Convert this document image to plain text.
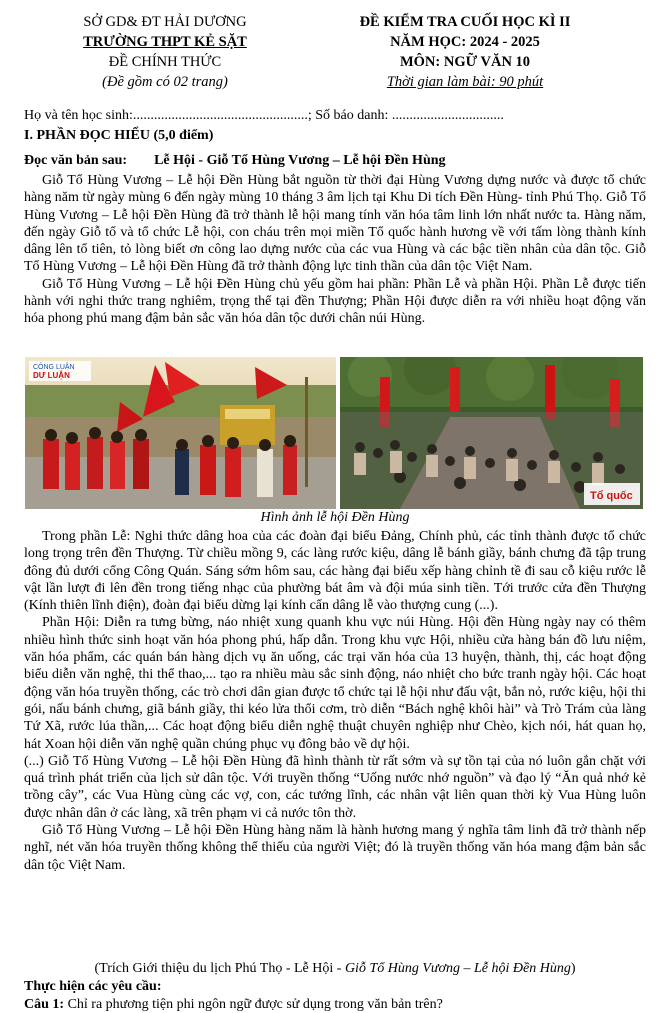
SỞ GD& ĐT HẢI DƯƠNG
TRƯỜNG THPT KẺ SẶT
ĐỀ CHÍNH THỨC
(Đề gồm có 02 trang)
ĐỀ KIỂM TRA CUỐI HỌC KÌ II
NĂM HỌC: 2024 - 2025
MÔN: NGỮ VĂN 10
Thời gian làm bài: 90 phút
Họ và tên học sinh:..................................................; Số báo danh: ................................
I. PHẦN ĐỌC HIỂU (5,0 điểm)
Đọc văn bản sau: Lễ Hội - Giỗ Tổ Hùng Vương – Lễ hội Đền Hùng

Giỗ Tổ Hùng Vương – Lễ hội Đền Hùng bắt nguồn từ thời đại Hùng Vương dựng nước và được tổ chức hàng năm từ ngày mùng 6 đến ngày mùng 10 tháng 3 âm lịch tại Khu Di tích Đền Hùng- tỉnh Phú Thọ. Giỗ Tổ Hùng Vương – Lễ hội Đền Hùng đã trở thành lễ hội mang tính văn hóa tâm linh lớn nhất nước ta. Hàng năm, đến ngày Giỗ tổ và tổ chức Lễ hội, con cháu trên mọi miền Tổ quốc hành hương về với tấm lòng thành kính dâng lên tổ tiên, tỏ lòng biết ơn công lao dựng nước của các vua Hùng và các bậc tiền nhân của dân tộc. Giỗ Tổ Hùng Vương – Lễ hội Đền Hùng đã trở thành động lực tinh thần của dân tộc Việt Nam.

Giỗ Tổ Hùng Vương – Lễ hội Đền Hùng chủ yếu gồm hai phần: Phần Lễ và phần Hội. Phần Lễ được tiến hành với nghi thức trang nghiêm, trọng thể tại đền Thượng; Phần Hội được diễn ra với nhiều hoạt động văn hóa phong phú mang đậm bản sắc văn hóa dân tộc dưới chân núi Hùng.

CÔNG LUẬN
DƯ LUẬN
Tổ quốc
Hình ảnh lễ hội Đền Hùng

Trong phần Lễ: Nghi thức dâng hoa của các đoàn đại biểu Đảng, Chính phủ, các tỉnh thành được tổ chức long trọng trên đền Thượng. Từ chiều mồng 9, các làng rước kiệu, dâng lễ bánh giầy, bánh chưng đã tập trung đông đủ dưới cổng Công Quán. Sáng sớm hôm sau, các hàng đại biểu xếp hàng chỉnh tề đi sau cỗ kiệu rước lễ vật lần lượt đi lên đền trong tiếng nhạc của phường bát âm và đội múa sinh tiền. Tới trước cửa đền Thượng (Kính thiên lĩnh điện), đoàn đại biểu dừng lại kính cẩn dâng lễ vào thượng cung (...).

Phần Hội: Diễn ra tưng bừng, náo nhiệt xung quanh khu vực núi Hùng. Hội đền Hùng ngày nay có thêm nhiều hình thức sinh hoạt văn hóa phong phú, hấp dẫn. Trong khu vực Hội, nhiều cửa hàng bán đồ lưu niệm, văn hóa phẩm, các quán bán hàng dịch vụ ăn uống, các trại văn hóa của 13 huyện, thành, thị, các hoạt động biểu diễn văn nghệ, thi thể thao,... tạo ra nhiều màu sắc sinh động, náo nhiệt cho bức tranh ngày hội. Các hoạt động văn hóa truyền thống, các trò chơi dân gian được tổ chức tại lễ hội như đấu vật, bắn nỏ, rước kiệu, hội thi gói, nấu bánh chưng, giã bánh giầy, thi kéo lửa thổi cơm, trò diễn “Bách nghệ khôi hài” và Trò Trám của làng Tứ Xã, rước lúa thần,... Các hoạt động biểu diễn nghệ thuật chuyên nghiệp như Chèo, kịch nói, hát quan họ, hát Xoan hội diễn văn nghệ quần chúng phục vụ đông bảo về dự hội.

(...) Giỗ Tổ Hùng Vương – Lễ hội Đền Hùng đã hình thành từ rất sớm và sự tồn tại của nó luôn gắn chặt với quá trình phát triển của lịch sử dân tộc. Với truyền thống “Uống nước nhớ nguồn” và đạo lý “Ăn quả nhớ kẻ trồng cây”, các Vua Hùng cùng các vợ, con, các tướng lĩnh, các nhân vật liên quan thời kỳ Vua Hùng luôn được nhân dân ở các làng, xã trên phạm vi cả nước tôn thờ.

Giỗ Tổ Hùng Vương – Lễ hội Đền Hùng hàng năm là hành hương mang ý nghĩa tâm linh đã trở thành nếp nghĩ, nét văn hóa truyền thống không thể thiếu của người Việt; đó là truyền thống văn hóa mang đậm bản sắc dân tộc Việt Nam.

(Trích Giới thiệu du lịch Phú Thọ - Lễ Hội - Giỗ Tổ Hùng Vương – Lễ hội Đền Hùng)
Thực hiện các yêu cầu:
Câu 1: Chỉ ra phương tiện phi ngôn ngữ được sử dụng trong văn bản trên?
